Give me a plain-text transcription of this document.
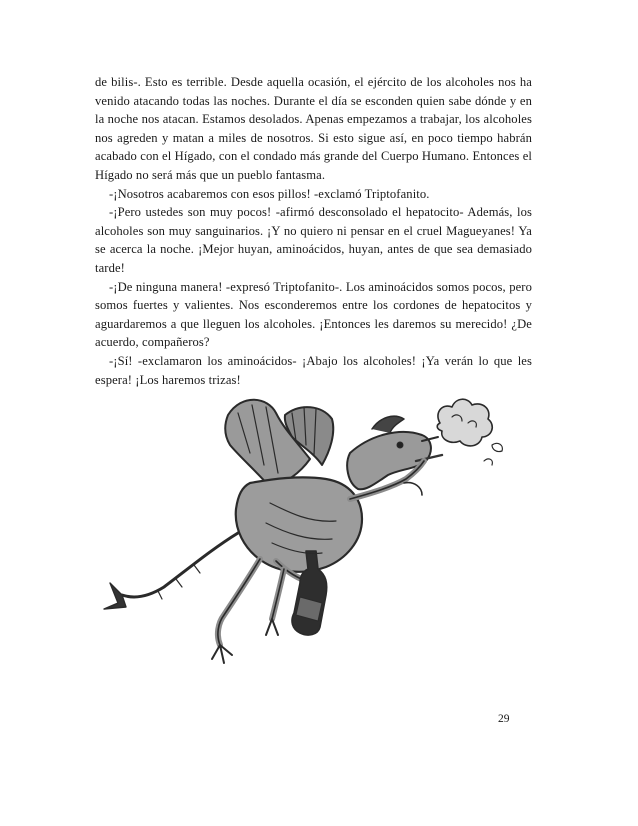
de bilis-. Esto es terrible. Desde aquella ocasión, el ejército de los alcoholes nos ha venido atacando todas las noches. Durante el día se esconden quien sabe dónde y en la noche nos atacan. Estamos desolados. Apenas empezamos a trabajar, los alcoholes nos agreden y matan a miles de nosotros. Si esto sigue así, en poco tiempo habrán acabado con el Hígado, con el condado más grande del Cuerpo Humano. Entonces el Hígado no será más que un pueblo fantasma.

-¡Nosotros acabaremos con esos pillos! -exclamó Triptofanito.

-¡Pero ustedes son muy pocos! -afirmó desconsolado el hepatocito- Además, los alcoholes son muy sanguinarios. ¡Y no quiero ni pensar en el cruel Magueyanes! Ya se acerca la noche. ¡Mejor huyan, aminoácidos, huyan, antes de que sea demasiado tarde!

-¡De ninguna manera! -expresó Triptofanito-. Los aminoácidos somos pocos, pero somos fuertes y valientes. Nos esconderemos entre los cordones de hepatocitos y aguardaremos a que lleguen los alcoholes. ¡Entonces les daremos su merecido! ¿De acuerdo, compañeros?

-¡Sí! -exclamaron los aminoácidos- ¡Abajo los alcoholes! ¡Ya verán lo que les espera! ¡Los haremos trizas!

29
